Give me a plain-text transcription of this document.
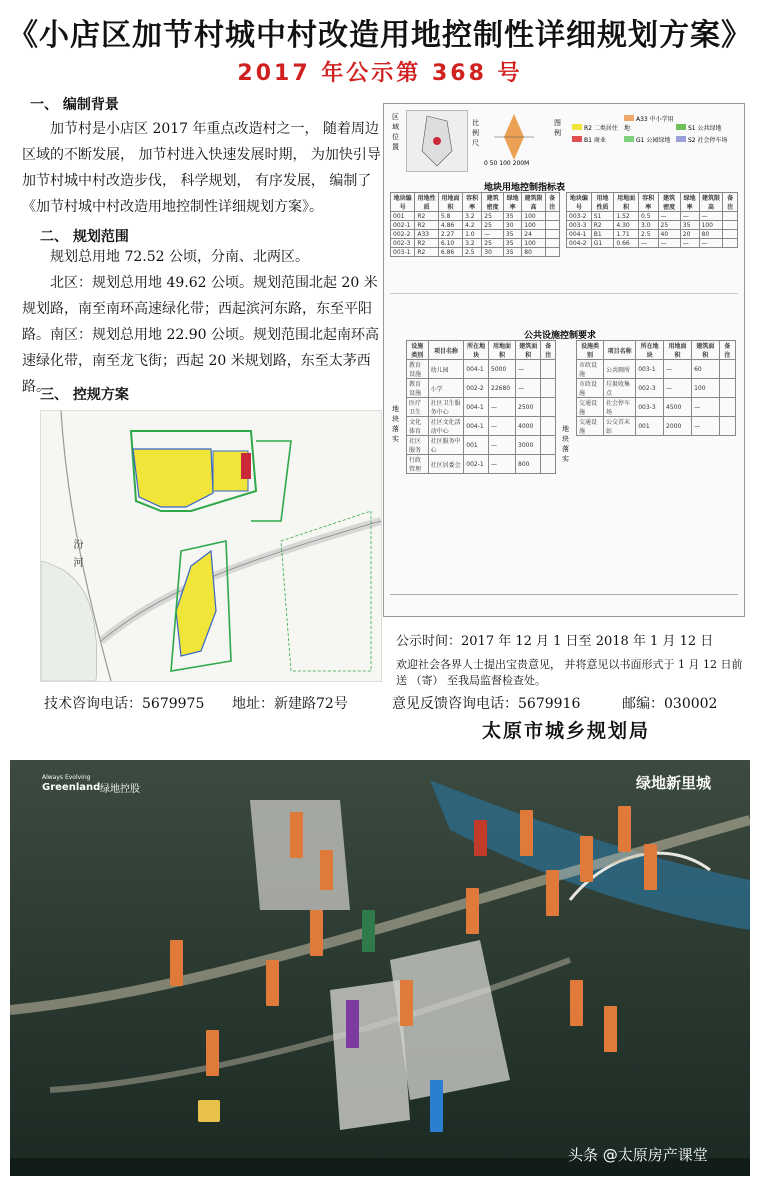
《小店区加节村城中村改造用地控制性详细规划方案》
2017 年公示第 368 号
一、 编制背景
加节村是小店区 2017 年重点改造村之一， 随着周边区域的不断发展， 加节村进入快速发展时期， 为加快引导加节村城中村改造步伐， 科学规划， 有序发展， 编制了 《加节村城中村改造用地控制性详细规划方案》。
二、 规划范围
规划总用地 72.52 公顷，分南、北两区。
北区：规划总用地 49.62 公顷。规划范围北起 20 米规划路，南至南环高速绿化带；西起滨河东路，东至平阳路。 南区：规划总用地 22.90 公顷。规划范围北起南环高速绿化带，南至龙飞街；西起 20 米规划路，东至太茅西路。
三、 控规方案
汾河
区域位置
比例尺
0 50 100 200M
图例
R2 二类居住A33 中小学用地	S1 公共绿地B1 商业	G1 公园绿地	S2 社会停车场
地块用地控制指标表
地块编号	用地性质	用地面积	容积率	建筑密度	绿地率	建筑限高	备注
001	R2	5.8	3.2	25	35	100	
002-1	R2	4.86	4.2	25	30	100	
002-2	A33	2.27	1.0	—	35	24	
002-3	R2	6.10	3.2	25	35	100	
003-1	R2	6.86	2.5	30	35	80	
地块编号	用地性质	用地面积	容积率	建筑密度	绿地率	建筑限高	备注
003-2	S1	1.52	0.5	—	—	—	
003-3	R2	4.30	3.0	25	35	100	
004-1	B1	1.71	2.5	40	20	80	
004-2	G1	0.66	—	—	—	—	
公共设施控制要求
地块落实
设施类别	项目名称	所在地块	用地面积	建筑面积	备注
教育设施	幼儿园	004-1	5000	—	
教育设施	小学	002-2	22680	—	
医疗卫生	社区卫生服务中心	004-1	—	2500	
文化体育	社区文化活动中心	004-1	—	4000	
社区服务	社区服务中心	001	—	3000	
行政管理	社区居委会	002-1	—	800	
地块落实
设施类别	项目名称	所在地块	用地面积	建筑面积	备注
市政设施	公共厕所	003-1	—	60	
市政设施	垃圾收集点	002-3	—	100	
交通设施	社会停车场	003-3	4500	—	
交通设施	公交首末站	001	2000	—	
公示时间：2017 年 12 月 1 日至 2018 年 1 月 12 日
欢迎社会各界人士提出宝贵意见， 并将意见以书面形式于 1 月 12 日前送 （寄） 至我局监督检查处。
技术咨询电话：5679975 地址：新建路72号	意见反馈咨询电话：5679916	邮编：030002
太原市城乡规划局
Always Evolving
Greenland 绿地控股	绿地新里城
头条 @太原房产课堂
